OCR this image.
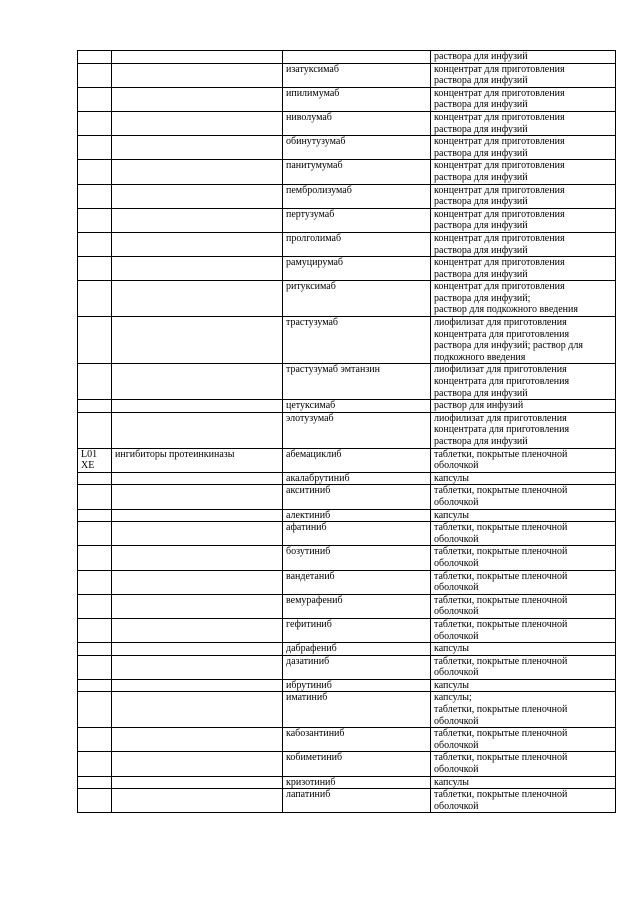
			раствора для инфузий
		изатуксимаб	концентрат для приготовления
раствора для инфузий
		ипилимумаб	концентрат для приготовления
раствора для инфузий
		ниволумаб	концентрат для приготовления
раствора для инфузий
		обинутузумаб	концентрат для приготовления
раствора для инфузий
		панитумумаб	концентрат для приготовления
раствора для инфузий
		пембролизумаб	концентрат для приготовления
раствора для инфузий
		пертузумаб	концентрат для приготовления
раствора для инфузий
		пролголимаб	концентрат для приготовления
раствора для инфузий
		рамуцирумаб	концентрат для приготовления
раствора для инфузий
		ритуксимаб	концентрат для приготовления
раствора для инфузий;
раствор для подкожного введения
		трастузумаб	лиофилизат для приготовления
концентрата для приготовления
раствора для инфузий; раствор для
подкожного введения
		трастузумаб эмтанзин	лиофилизат для приготовления
концентрата для приготовления
раствора для инфузий
		цетуксимаб	раствор для инфузий
		элотузумаб	лиофилизат для приготовления
концентрата для приготовления
раствора для инфузий
L01
XE	ингибиторы протеинкиназы	абемациклиб	таблетки, покрытые пленочной
оболочкой
		акалабрутиниб	капсулы
		акситиниб	таблетки, покрытые пленочной
оболочкой
		алектиниб	капсулы
		афатиниб	таблетки, покрытые пленочной
оболочкой
		бозутиниб	таблетки, покрытые пленочной
оболочкой
		вандетаниб	таблетки, покрытые пленочной
оболочкой
		вемурафениб	таблетки, покрытые пленочной
оболочкой
		гефитиниб	таблетки, покрытые пленочной
оболочкой
		дабрафениб	капсулы
		дазатиниб	таблетки, покрытые пленочной
оболочкой
		ибрутиниб	капсулы
		иматиниб	капсулы;
таблетки, покрытые пленочной
оболочкой
		кабозантиниб	таблетки, покрытые пленочной
оболочкой
		кобиметиниб	таблетки, покрытые пленочной
оболочкой
		кризотиниб	капсулы
		лапатиниб	таблетки, покрытые пленочной
оболочкой
